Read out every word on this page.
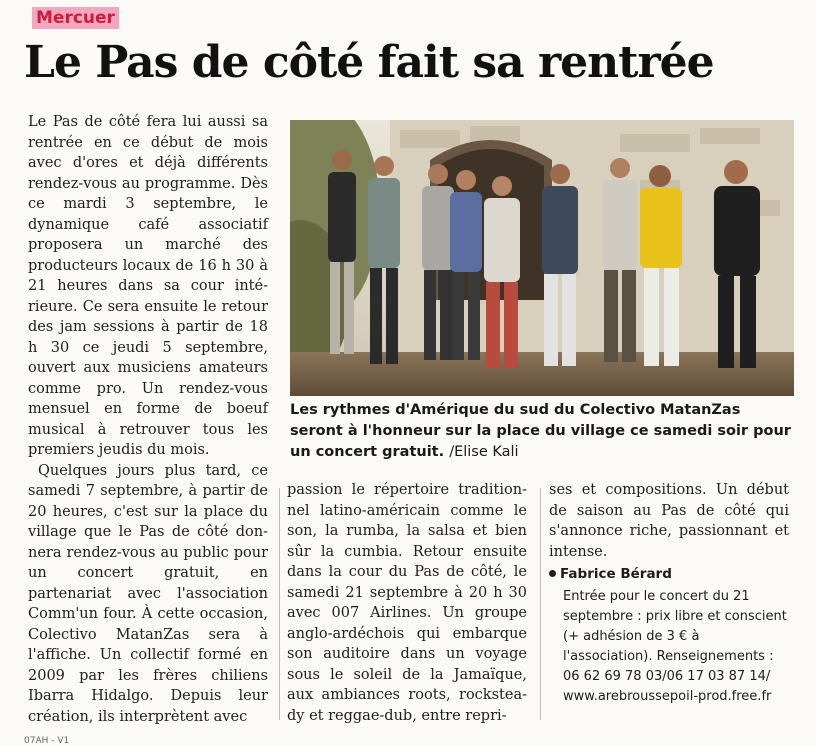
Mercuer
Le Pas de côté fait sa rentrée

Le Pas de côté fera lui aussi sa rentrée en ce début de mois avec d'ores et déjà différents rendez-vous au programme. Dès ce mardi 3 septembre, le dynamique café associatif proposera un marché des producteurs locaux de 16 h 30 à 21 heures dans sa cour intérieure. Ce sera ensuite le retour des jam sessions à partir de 18 h 30 ce jeudi 5 septembre, ouvert aux musiciens amateurs comme pro. Un rendez-vous mensuel en forme de boeuf musical à retrouver tous les premiers jeudis du mois.

Quelques jours plus tard, ce samedi 7 septembre, à partir de 20 heures, c'est sur la place du village que le Pas de côté donnera rendez-vous au public pour un concert gratuit, en partenariat avec l'association Comm'un four. À cette occasion, Colectivo MatanZas sera à l'affiche. Un collectif formé en 2009 par les frères chiliens Ibarra Hidalgo. Depuis leur création, ils interprètent avec

Les rythmes d'Amérique du sud du Colectivo MatanZas seront à l'honneur sur la place du village ce samedi soir pour un concert gratuit. /Elise Kali

passion le répertoire traditionnel latino-américain comme le son, la rumba, la salsa et bien sûr la cumbia. Retour ensuite dans la cour du Pas de côté, le samedi 21 septembre à 20 h 30 avec 007 Airlines. Un groupe anglo-ardéchois qui embarque son auditoire dans un voyage sous le soleil de la Jamaïque, aux ambiances roots, rocksteаdy et reggae-dub, entre repri-

ses et compositions. Un début de saison au Pas de côté qui s'annonce riche, passionnant et intense.

Fabrice Bérard

Entrée pour le concert du 21 septembre : prix libre et conscient (+ adhésion de 3 € à l'association). Renseignements : 06 62 69 78 03/06 17 03 87 14/ www.arebroussepoil-prod.free.fr

07AH - V1
